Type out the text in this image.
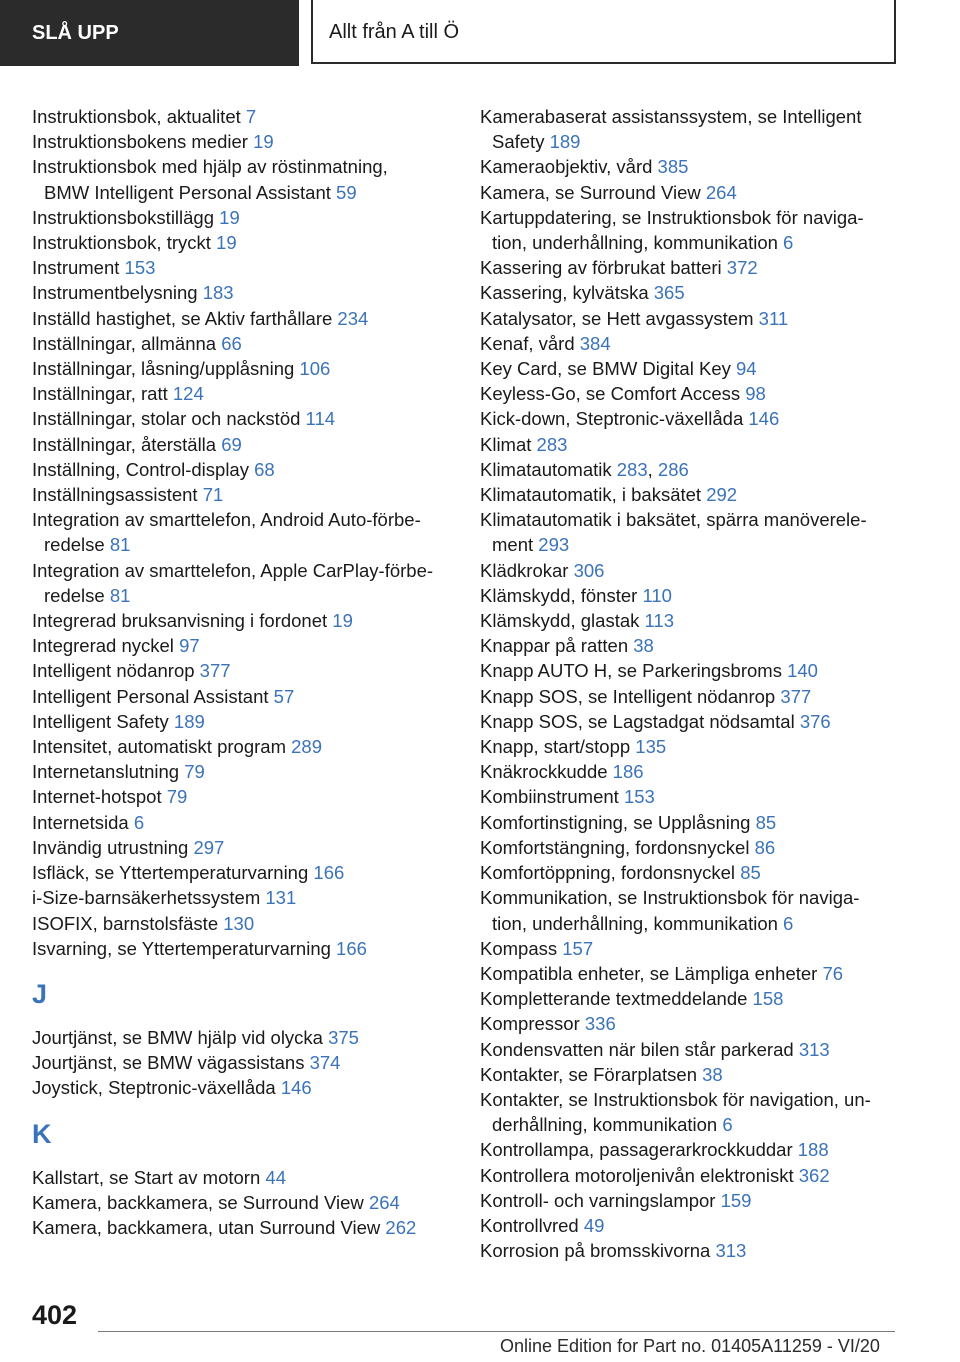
SLÅ UPP	Allt från A till Ö
Instruktionsbok, aktualitet 7
Instruktionsbokens medier 19
Instruktionsbok med hjälp av röstinmatning,
BMW Intelligent Personal Assistant 59
Instruktionsbokstillägg 19
Instruktionsbok, tryckt 19
Instrument 153
Instrumentbelysning 183
Inställd hastighet, se Aktiv farthållare 234
Inställningar, allmänna 66
Inställningar, låsning/upplåsning 106
Inställningar, ratt 124
Inställningar, stolar och nackstöd 114
Inställningar, återställa 69
Inställning, Control-display 68
Inställningsassistent 71
Integration av smarttelefon, Android Auto-förbe-
redelse 81
Integration av smarttelefon, Apple CarPlay-förbe-
redelse 81
Integrerad bruksanvisning i fordonet 19
Integrerad nyckel 97
Intelligent nödanrop 377
Intelligent Personal Assistant 57
Intelligent Safety 189
Intensitet, automatiskt program 289
Internetanslutning 79
Internet-hotspot 79
Internetsida 6
Invändig utrustning 297
Isfläck, se Yttertemperaturvarning 166
i-Size-barnsäkerhetssystem 131
ISOFIX, barnstolsfäste 130
Isvarning, se Yttertemperaturvarning 166
J
Jourtjänst, se BMW hjälp vid olycka 375
Jourtjänst, se BMW vägassistans 374
Joystick, Steptronic-växellåda 146
K
Kallstart, se Start av motorn 44
Kamera, backkamera, se Surround View 264
Kamera, backkamera, utan Surround View 262
Kamerabaserat assistanssystem, se Intelligent
Safety 189
Kameraobjektiv, vård 385
Kamera, se Surround View 264
Kartuppdatering, se Instruktionsbok för naviga-
tion, underhållning, kommunikation 6
Kassering av förbrukat batteri 372
Kassering, kylvätska 365
Katalysator, se Hett avgassystem 311
Kenaf, vård 384
Key Card, se BMW Digital Key 94
Keyless-Go, se Comfort Access 98
Kick-down, Steptronic-växellåda 146
Klimat 283
Klimatautomatik 283, 286
Klimatautomatik, i baksätet 292
Klimatautomatik i baksätet, spärra manöverele-
ment 293
Klädkrokar 306
Klämskydd, fönster 110
Klämskydd, glastak 113
Knappar på ratten 38
Knapp AUTO H, se Parkeringsbroms 140
Knapp SOS, se Intelligent nödanrop 377
Knapp SOS, se Lagstadgat nödsamtal 376
Knapp, start/stopp 135
Knäkrockkudde 186
Kombiinstrument 153
Komfortinstigning, se Upplåsning 85
Komfortstängning, fordonsnyckel 86
Komfortöppning, fordonsnyckel 85
Kommunikation, se Instruktionsbok för naviga-
tion, underhållning, kommunikation 6
Kompass 157
Kompatibla enheter, se Lämpliga enheter 76
Kompletterande textmeddelande 158
Kompressor 336
Kondensvatten när bilen står parkerad 313
Kontakter, se Förarplatsen 38
Kontakter, se Instruktionsbok för navigation, un-
derhållning, kommunikation 6
Kontrollampa, passagerarkrockkuddar 188
Kontrollera motoroljenivån elektroniskt 362
Kontroll- och varningslampor 159
Kontrollvred 49
Korrosion på bromsskivorna 313
402
Online Edition for Part no. 01405A11259 - VI/20
